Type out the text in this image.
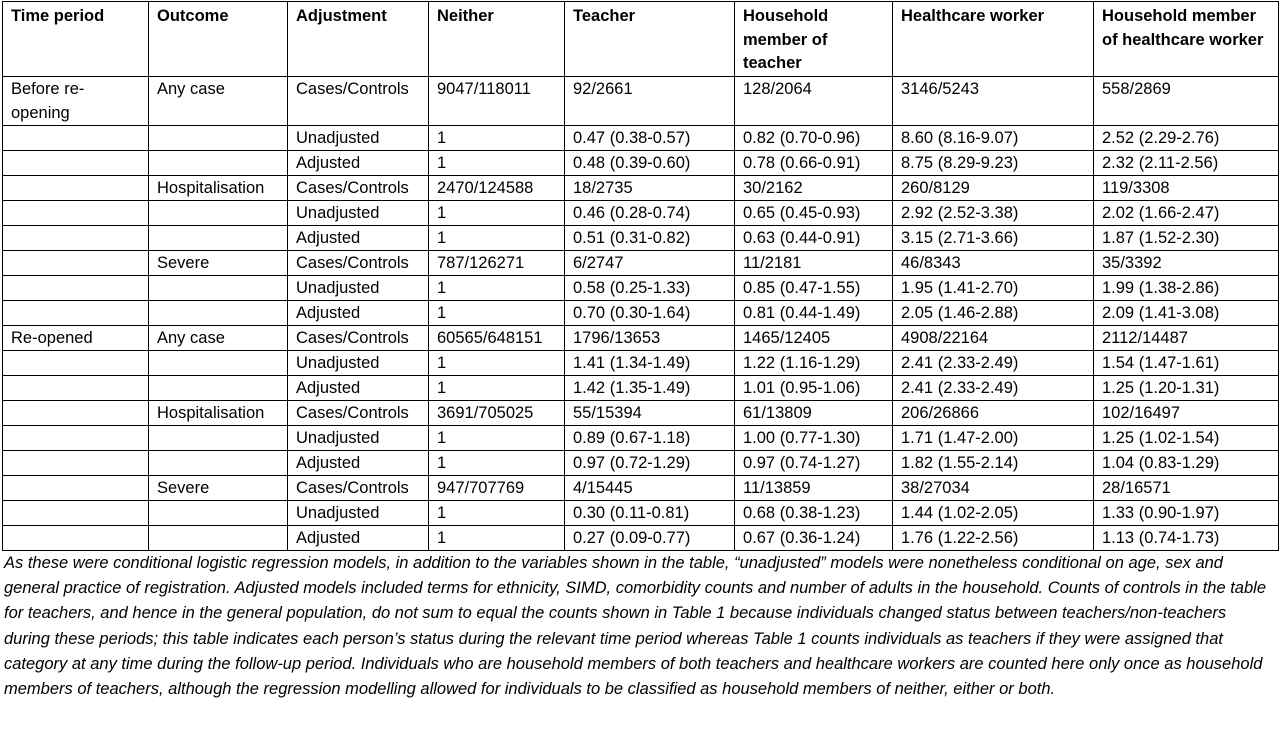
Time period	Outcome	Adjustment	Neither	Teacher	Household member of teacher	Healthcare worker	Household member of healthcare worker
Before re-opening	Any case	Cases/Controls	9047/118011	92/2661	128/2064	3146/5243	558/2869
		Unadjusted	1	0.47 (0.38-0.57)	0.82 (0.70-0.96)	8.60 (8.16-9.07)	2.52 (2.29-2.76)
		Adjusted	1	0.48 (0.39-0.60)	0.78 (0.66-0.91)	8.75 (8.29-9.23)	2.32 (2.11-2.56)
	Hospitalisation	Cases/Controls	2470/124588	18/2735	30/2162	260/8129	119/3308
		Unadjusted	1	0.46 (0.28-0.74)	0.65 (0.45-0.93)	2.92 (2.52-3.38)	2.02 (1.66-2.47)
		Adjusted	1	0.51 (0.31-0.82)	0.63 (0.44-0.91)	3.15 (2.71-3.66)	1.87 (1.52-2.30)
	Severe	Cases/Controls	787/126271	6/2747	11/2181	46/8343	35/3392
		Unadjusted	1	0.58 (0.25-1.33)	0.85 (0.47-1.55)	1.95 (1.41-2.70)	1.99 (1.38-2.86)
		Adjusted	1	0.70 (0.30-1.64)	0.81 (0.44-1.49)	2.05 (1.46-2.88)	2.09 (1.41-3.08)
Re-opened	Any case	Cases/Controls	60565/648151	1796/13653	1465/12405	4908/22164	2112/14487
		Unadjusted	1	1.41 (1.34-1.49)	1.22 (1.16-1.29)	2.41 (2.33-2.49)	1.54 (1.47-1.61)
		Adjusted	1	1.42 (1.35-1.49)	1.01 (0.95-1.06)	2.41 (2.33-2.49)	1.25 (1.20-1.31)
	Hospitalisation	Cases/Controls	3691/705025	55/15394	61/13809	206/26866	102/16497
		Unadjusted	1	0.89 (0.67-1.18)	1.00 (0.77-1.30)	1.71 (1.47-2.00)	1.25 (1.02-1.54)
		Adjusted	1	0.97 (0.72-1.29)	0.97 (0.74-1.27)	1.82 (1.55-2.14)	1.04 (0.83-1.29)
	Severe	Cases/Controls	947/707769	4/15445	11/13859	38/27034	28/16571
		Unadjusted	1	0.30 (0.11-0.81)	0.68 (0.38-1.23)	1.44 (1.02-2.05)	1.33 (0.90-1.97)
		Adjusted	1	0.27 (0.09-0.77)	0.67 (0.36-1.24)	1.76 (1.22-2.56)	1.13 (0.74-1.73)

As these were conditional logistic regression models, in addition to the variables shown in the table, “unadjusted” models were nonetheless conditional on age, sex and general practice of registration. Adjusted models included terms for ethnicity, SIMD, comorbidity counts and number of adults in the household. Counts of controls in the table for teachers, and hence in the general population, do not sum to equal the counts shown in Table 1 because individuals changed status between teachers/non-teachers during these periods; this table indicates each person’s status during the relevant time period whereas Table 1 counts individuals as teachers if they were assigned that category at any time during the follow-up period. Individuals who are household members of both teachers and healthcare workers are counted here only once as household members of teachers, although the regression modelling allowed for individuals to be classified as household members of neither, either or both.
